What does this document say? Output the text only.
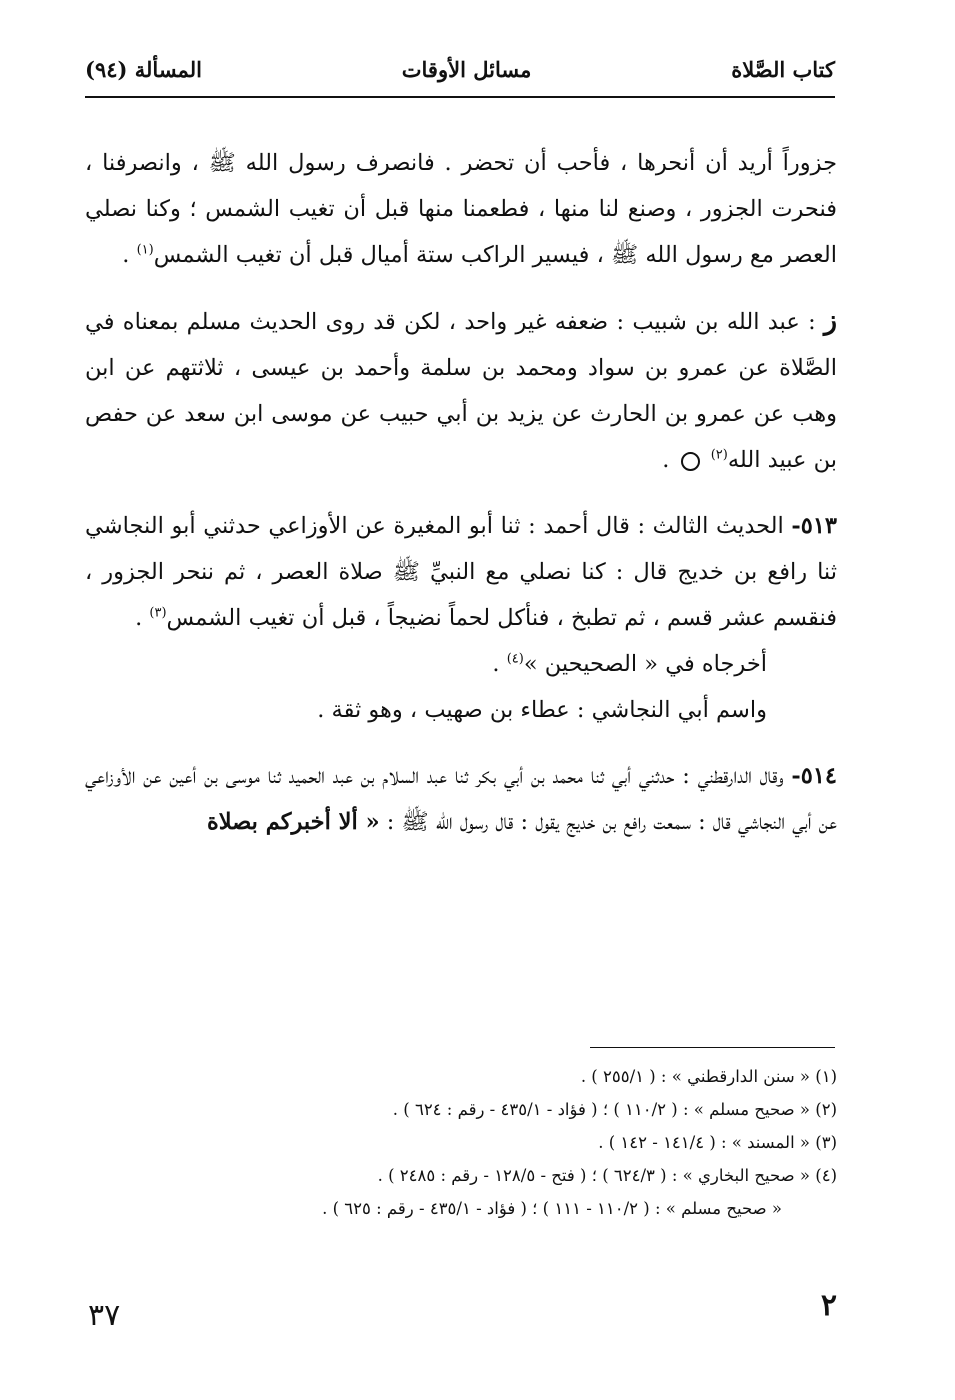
كتاب الصَّلاة
مسائل الأوقات
المسألة (٩٤)

جزوراً أريد أن أنحرها ، فأحب أن تحضر . فانصرف رسول الله ﷺ ، وانصرفنا ، فنحرت الجزور ، وصنع لنا منها ، فطعمنا منها قبل أن تغيب الشمس ؛ وكنا نصلي العصر مع رسول الله ﷺ ، فيسير الراكب ستة أميال قبل أن تغيب الشمس$^{(١)}$ .

ز : عبد الله بن شبيب : ضعفه غير واحد ، لكن قد روى الحديث مسلم بمعناه في الصَّلاة عن عمرو بن سواد ومحمد بن سلمة وأحمد بن عيسى ، ثلاثتهم عن ابن وهب عن عمرو بن الحارث عن يزيد بن أبي حبيب عن موسى ابن سعد عن حفص بن عبيد الله$^{(٢)}$  .

٥١٣- الحديث الثالث : قال أحمد : ثنا أبو المغيرة عن الأوزاعي حدثني أبو النجاشي ثنا رافع بن خديج قال : كنا نصلي مع النبيِّ ﷺ صلاة العصر ، ثم ننحر الجزور ، فنقسم عشر قسم ، ثم تطبخ ، فنأكل لحماً نضيجاً ، قبل أن تغيب الشمس$^{(٣)}$ .

أخرجاه في « الصحيحين »$^{(٤)}$ .

واسم أبي النجاشي : عطاء بن صهيب ، وهو ثقة .

٥١٤- وقال الدارقطني : حدثني أبي ثنا محمد بن أبي بكر ثنا عبد السلام بن عبد الحميد ثنا موسى بن أعين عن الأوزاعي عن أبي النجاشي قال : سمعت رافع بن خديج يقول : قال رسول الله ﷺ : « ألا أخبركم بصلاة

(١) « سنن الدارقطني » : ( ٢٥٥/١ ) .

(٢) « صحيح مسلم » : ( ١١٠/٢ ) ؛ ( فؤاد - ٤٣٥/١ - رقم : ٦٢٤ ) .

(٣) « المسند » : ( ١٤١/٤ - ١٤٢ ) .

(٤) « صحيح البخاري » : ( ٦٢٤/٣ ) ؛ ( فتح - ١٢٨/٥ - رقم : ٢٤٨٥ ) .

« صحيح مسلم » : ( ١١٠/٢ - ١١١ ) ؛ ( فؤاد - ٤٣٥/١ - رقم : ٦٢٥ ) .

٢
٣٧
